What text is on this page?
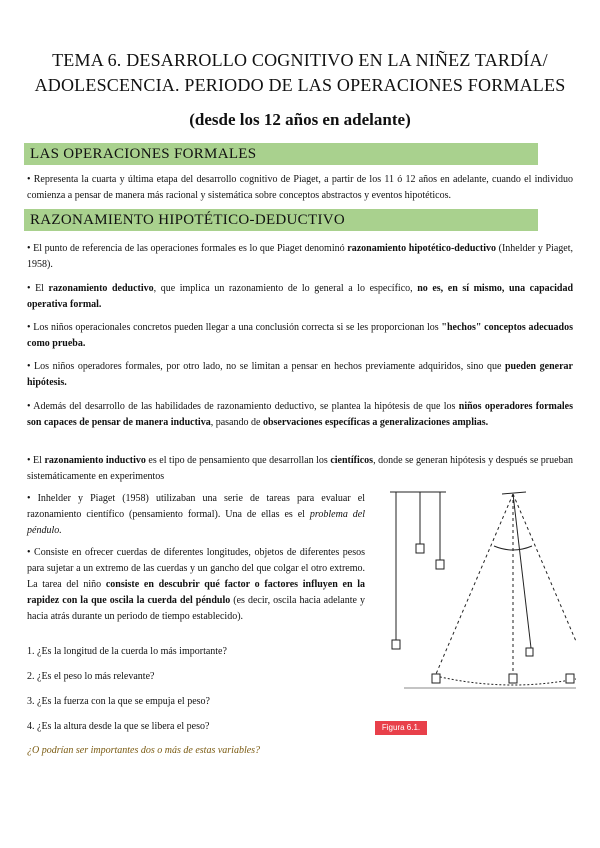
TEMA 6. DESARROLLO COGNITIVO EN LA NIÑEZ TARDÍA/
ADOLESCENCIA. PERIODO DE LAS OPERACIONES FORMALES
(desde los 12 años en adelante)
LAS OPERACIONES FORMALES
• Representa la cuarta y última etapa del desarrollo cognitivo de Piaget, a partir de los 11 ó 12 años en adelante, cuando el individuo comienza a pensar de manera más racional y sistemática sobre conceptos abstractos y eventos hipotéticos.
RAZONAMIENTO HIPOTÉTICO-DEDUCTIVO
• El punto de referencia de las operaciones formales es lo que Piaget denominó razonamiento hipotético-deductivo (Inhelder y Piaget, 1958).
• El razonamiento deductivo, que implica un razonamiento de lo general a lo específico, no es, en sí mismo, una capacidad operativa formal.
• Los niños operacionales concretos pueden llegar a una conclusión correcta si se les proporcionan los "hechos" conceptos adecuados como prueba.
• Los niños operadores formales, por otro lado, no se limitan a pensar en hechos previamente adquiridos, sino que pueden generar hipótesis.
• Además del desarrollo de las habilidades de razonamiento deductivo, se plantea la hipótesis de que los niños operadores formales son capaces de pensar de manera inductiva, pasando de observaciones específicas a generalizaciones amplias.
• El razonamiento inductivo es el tipo de pensamiento que desarrollan los científicos, donde se generan hipótesis y después se prueban sistemáticamente en experimentos
• Inhelder y Piaget (1958) utilizaban una serie de tareas para evaluar el razonamiento científico (pensamiento formal). Una de ellas es el problema del péndulo.
• Consiste en ofrecer cuerdas de diferentes longitudes, objetos de diferentes pesos para sujetar a un extremo de las cuerdas y un gancho del que colgar el otro extremo. La tarea del niño consiste en descubrir qué factor o factores influyen en la rapidez con la que oscila la cuerda del péndulo (es decir, oscila hacia adelante y hacia atrás durante un periodo de tiempo establecido).
1. ¿Es la longitud de la cuerda lo más importante?
2. ¿Es el peso lo más relevante?
3. ¿Es la fuerza con la que se empuja el peso?
4. ¿Es la altura desde la que se libera el peso?
¿O podrían ser importantes dos o más de estas variables?
Figura 6.1.
